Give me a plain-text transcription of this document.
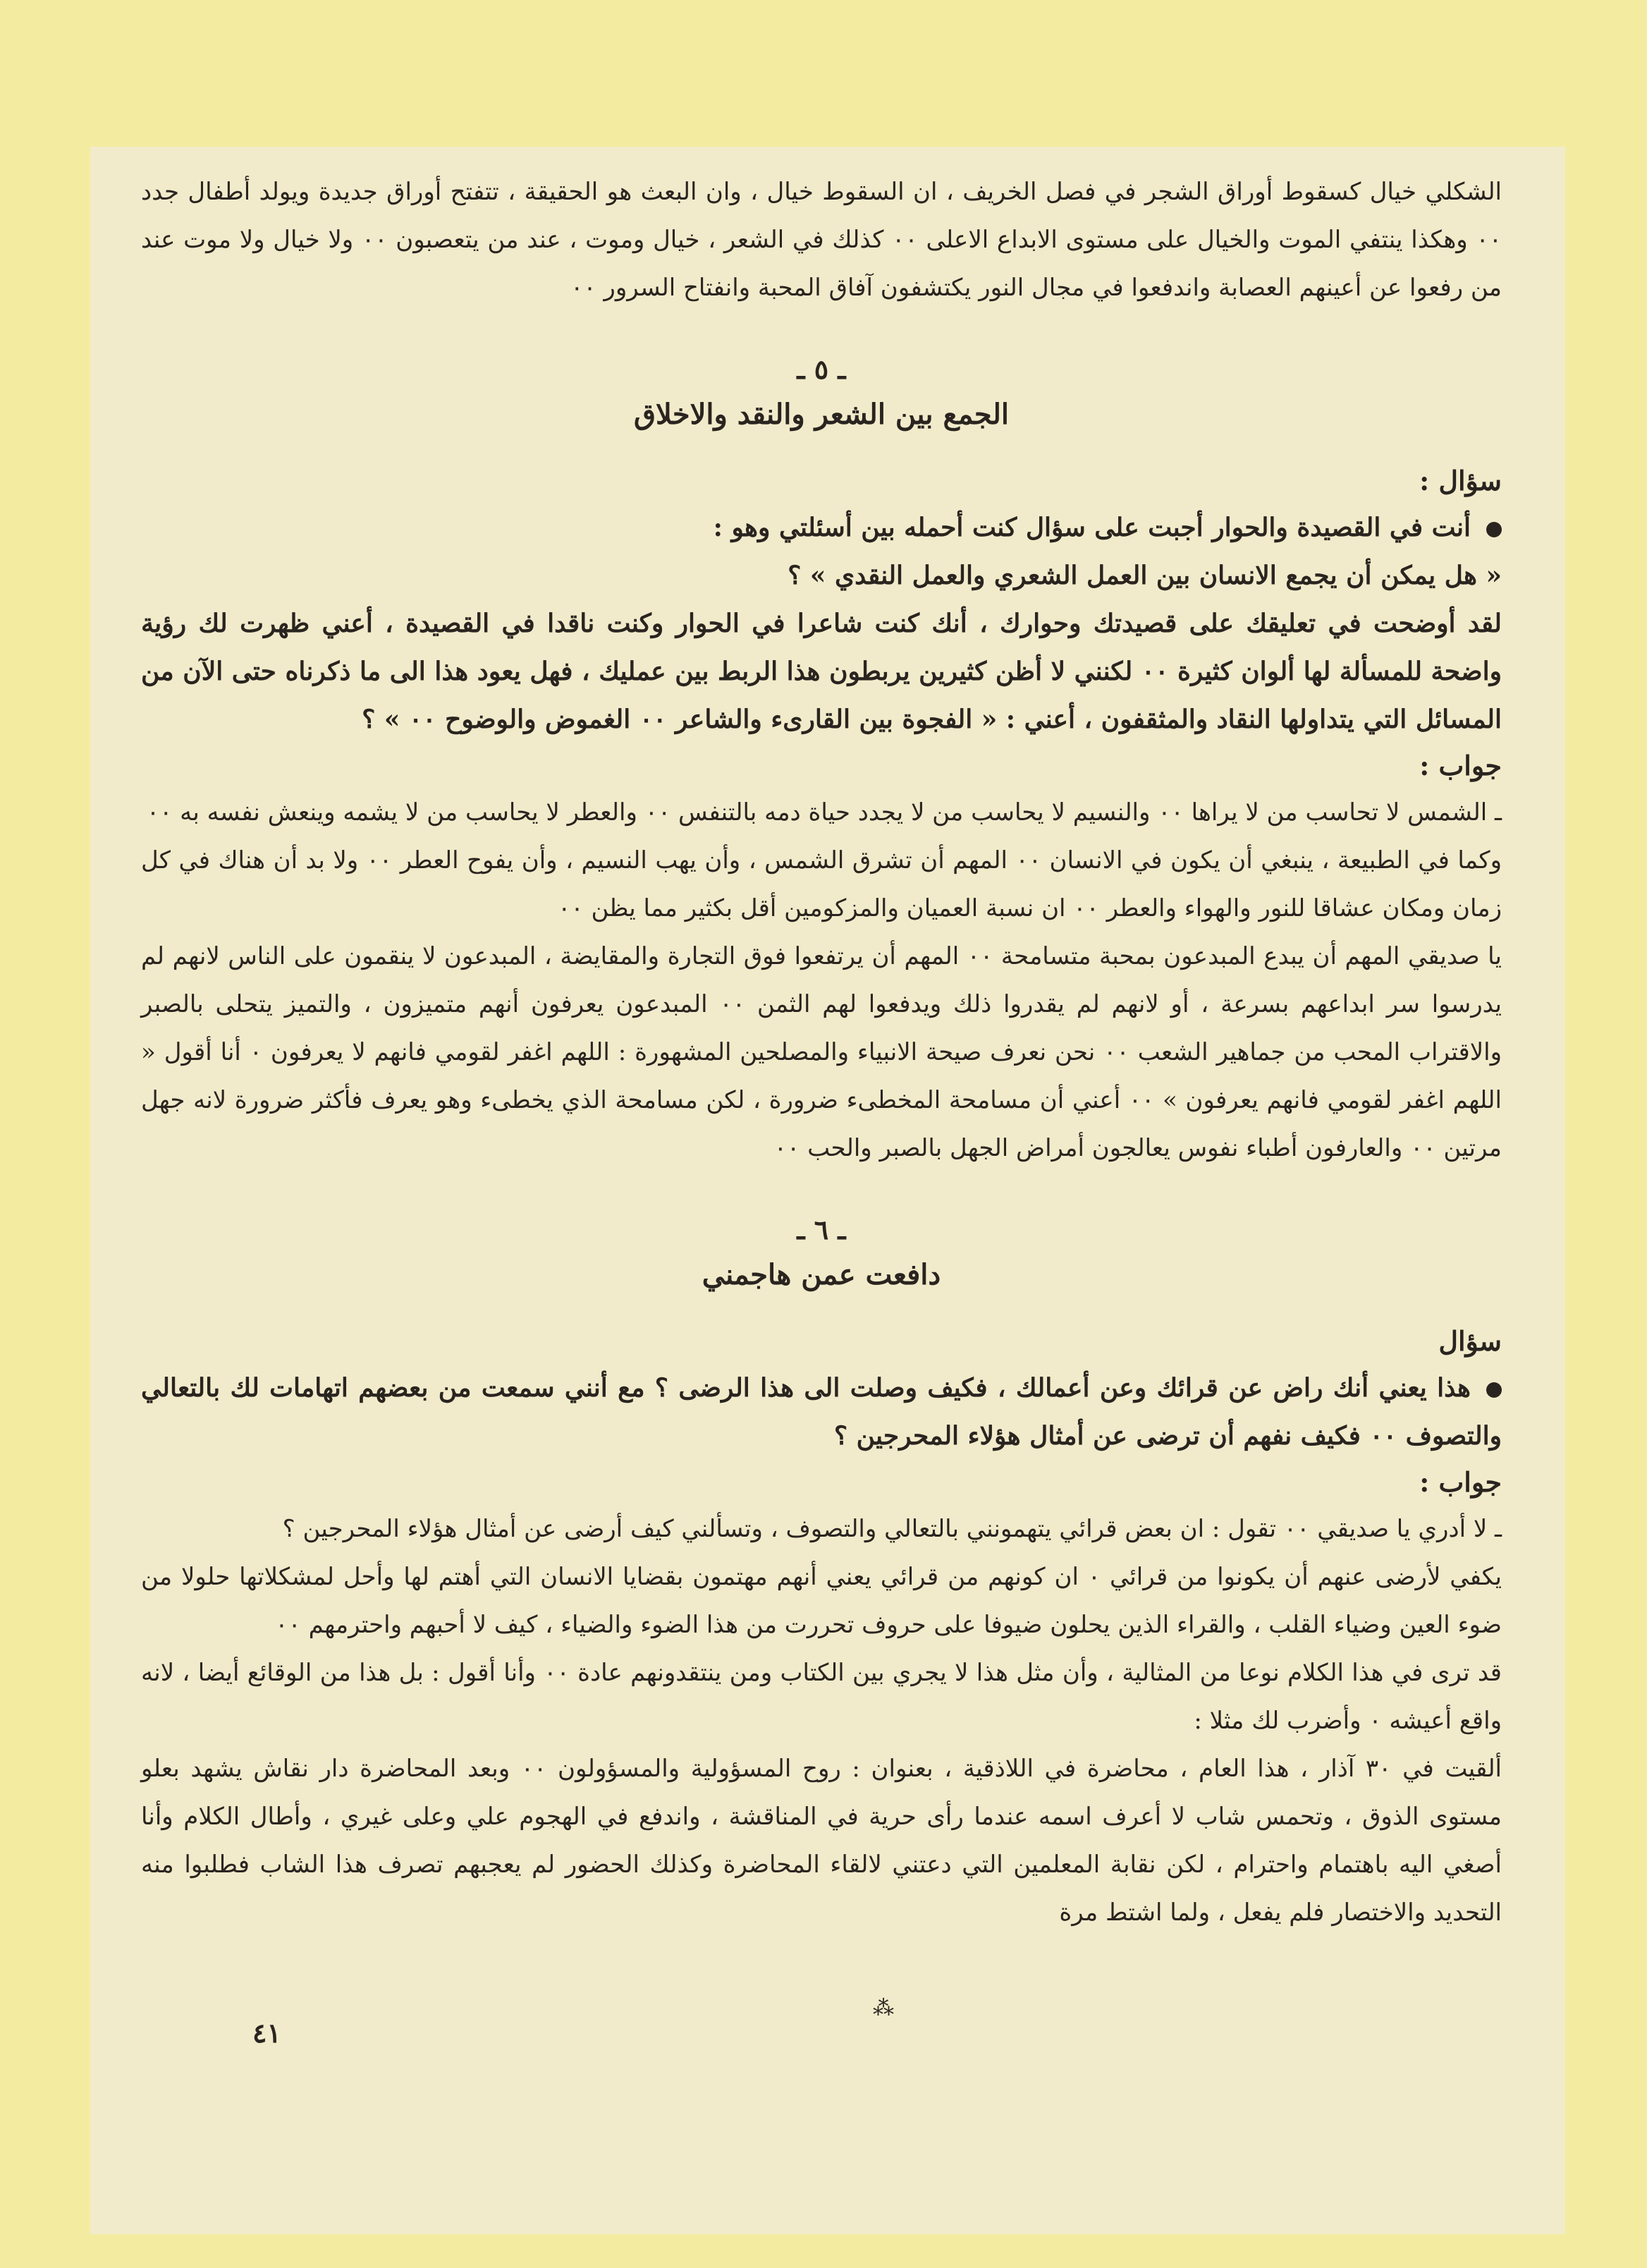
الشكلي خيال كسقوط أوراق الشجر في فصل الخريف ، ان السقوط خيال ، وان البعث هو الحقيقة ، تتفتح أوراق جديدة ويولد أطفال جدد ٠٠ وهكذا ينتفي الموت والخيال على مستوى الابداع الاعلى ٠٠ كذلك في الشعر ، خيال وموت ، عند من يتعصبون ٠٠ ولا خيال ولا موت عند من رفعوا عن أعينهم العصابة واندفعوا في مجال النور يكتشفون آفاق المحبة وانفتاح السرور ٠٠

ـ ٥ ـ
الجمع بين الشعر والنقد والاخلاق

سؤال :

أنت في القصيدة والحوار أجبت على سؤال كنت أحمله بين أسئلتي وهو :

« هل يمكن أن يجمع الانسان بين العمل الشعري والعمل النقدي » ؟

لقد أوضحت في تعليقك على قصيدتك وحوارك ، أنك كنت شاعرا في الحوار وكنت ناقدا في القصيدة ، أعني ظهرت لك رؤية واضحة للمسألة لها ألوان كثيرة ٠٠ لكنني لا أظن كثيرين يربطون هذا الربط بين عمليك ، فهل يعود هذا الى ما ذكرناه حتى الآن من المسائل التي يتداولها النقاد والمثقفون ، أعني : « الفجوة بين القارىء والشاعر ٠٠ الغموض والوضوح ٠٠ » ؟

جواب :

ـ الشمس لا تحاسب من لا يراها ٠٠ والنسيم لا يحاسب من لا يجدد حياة دمه بالتنفس ٠٠ والعطر لا يحاسب من لا يشمه وينعش نفسه به ٠٠

وكما في الطبيعة ، ينبغي أن يكون في الانسان ٠٠ المهم أن تشرق الشمس ، وأن يهب النسيم ، وأن يفوح العطر ٠٠ ولا بد أن هناك في كل زمان ومكان عشاقا للنور والهواء والعطر ٠٠ ان نسبة العميان والمزكومين أقل بكثير مما يظن ٠٠

يا صديقي المهم أن يبدع المبدعون بمحبة متسامحة ٠٠ المهم أن يرتفعوا فوق التجارة والمقايضة ، المبدعون لا ينقمون على الناس لانهم لم يدرسوا سر ابداعهم بسرعة ، أو لانهم لم يقدروا ذلك ويدفعوا لهم الثمن ٠٠ المبدعون يعرفون أنهم متميزون ، والتميز يتحلى بالصبر والاقتراب المحب من جماهير الشعب ٠٠ نحن نعرف صيحة الانبياء والمصلحين المشهورة : اللهم اغفر لقومي فانهم لا يعرفون ٠ أنا أقول « اللهم اغفر لقومي فانهم يعرفون » ٠٠ أعني أن مسامحة المخطىء ضرورة ، لكن مسامحة الذي يخطىء وهو يعرف فأكثر ضرورة لانه جهل مرتين ٠٠ والعارفون أطباء نفوس يعالجون أمراض الجهل بالصبر والحب ٠٠

ـ ٦ ـ
دافعت عمن هاجمني

سؤال

هذا يعني أنك راض عن قرائك وعن أعمالك ، فكيف وصلت الى هذا الرضى ؟ مع أنني سمعت من بعضهم اتهامات لك بالتعالي والتصوف ٠٠ فكيف نفهم أن ترضى عن أمثال هؤلاء المحرجين ؟

جواب :

ـ لا أدري يا صديقي ٠٠ تقول : ان بعض قرائي يتهمونني بالتعالي والتصوف ، وتسألني كيف أرضى عن أمثال هؤلاء المحرجين ؟

يكفي لأرضى عنهم أن يكونوا من قرائي ٠ ان كونهم من قرائي يعني أنهم مهتمون بقضايا الانسان التي أهتم لها وأحل لمشكلاتها حلولا من ضوء العين وضياء القلب ، والقراء الذين يحلون ضيوفا على حروف تحررت من هذا الضوء والضياء ، كيف لا أحبهم واحترمهم ٠٠

قد ترى في هذا الكلام نوعا من المثالية ، وأن مثل هذا لا يجري بين الكتاب ومن ينتقدونهم عادة ٠٠ وأنا أقول : بل هذا من الوقائع أيضا ، لانه واقع أعيشه ٠ وأضرب لك مثلا :

ألقيت في ٣٠ آذار ، هذا العام ، محاضرة في اللاذقية ، بعنوان : روح المسؤولية والمسؤولون ٠٠ وبعد المحاضرة دار نقاش يشهد بعلو مستوى الذوق ، وتحمس شاب لا أعرف اسمه عندما رأى حرية في المناقشة ، واندفع في الهجوم علي وعلى غيري ، وأطال الكلام وأنا أصغي اليه باهتمام واحترام ، لكن نقابة المعلمين التي دعتني لالقاء المحاضرة وكذلك الحضور لم يعجبهم تصرف هذا الشاب فطلبوا منه التحديد والاختصار فلم يفعل ، ولما اشتط مرة

⁂
٤١
